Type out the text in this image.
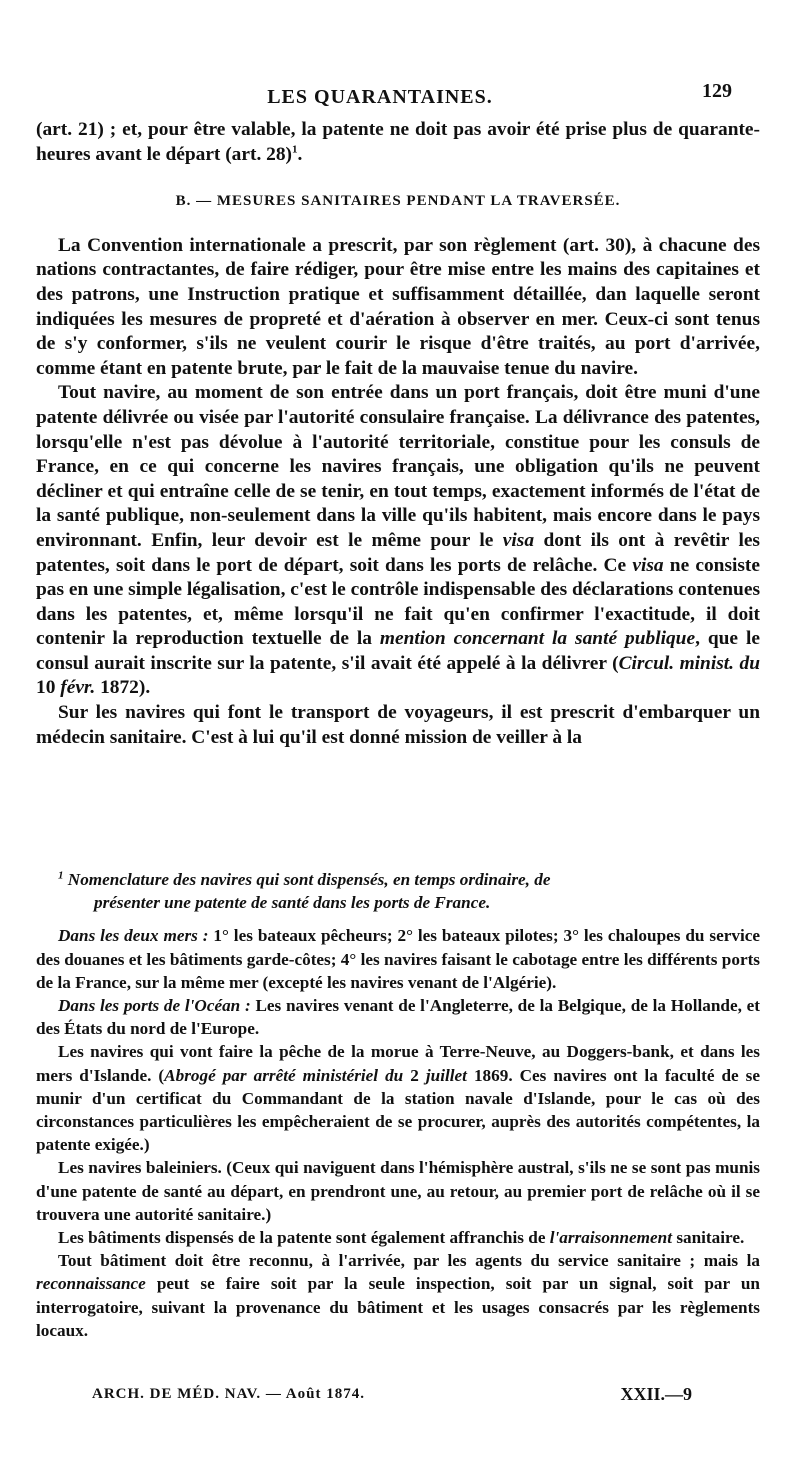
LES QUARANTAINES.	129

(art. 21) ; et, pour être valable, la patente ne doit pas avoir été prise plus de quarante-heures avant le départ (art. 28)$^1$.

B. — MESURES SANITAIRES PENDANT LA TRAVERSÉE.

La Convention internationale a prescrit, par son règlement (art. 30), à chacune des nations contractantes, de faire rédiger, pour être mise entre les mains des capitaines et des patrons, une Instruction pratique et suffisamment détaillée, dan laquelle seront indiquées les mesures de propreté et d'aération à observer en mer. Ceux-ci sont tenus de s'y conformer, s'ils ne veulent courir le risque d'être traités, au port d'arrivée, comme étant en patente brute, par le fait de la mauvaise tenue du navire.

Tout navire, au moment de son entrée dans un port français, doit être muni d'une patente délivrée ou visée par l'autorité consulaire française. La délivrance des patentes, lorsqu'elle n'est pas dévolue à l'autorité territoriale, constitue pour les consuls de France, en ce qui concerne les navires français, une obligation qu'ils ne peuvent décliner et qui entraîne celle de se tenir, en tout temps, exactement informés de l'état de la santé publique, non-seulement dans la ville qu'ils habitent, mais encore dans le pays environnant. Enfin, leur devoir est le même pour le visa dont ils ont à revêtir les patentes, soit dans le port de départ, soit dans les ports de relâche. Ce visa ne consiste pas en une simple légalisation, c'est le contrôle indispensable des déclarations contenues dans les patentes, et, même lorsqu'il ne fait qu'en confirmer l'exactitude, il doit contenir la reproduction textuelle de la mention concernant la santé publique, que le consul aurait inscrite sur la patente, s'il avait été appelé à la délivrer (Circul. minist. du 10 févr. 1872).

Sur les navires qui font le transport de voyageurs, il est prescrit d'embarquer un médecin sanitaire. C'est à lui qu'il est donné mission de veiller à la

$^1$ Nomenclature des navires qui sont dispensés, en temps ordinaire, de
présenter une patente de santé dans les ports de France.

Dans les deux mers : 1° les bateaux pêcheurs; 2° les bateaux pilotes; 3° les chaloupes du service des douanes et les bâtiments garde-côtes; 4° les navires faisant le cabotage entre les différents ports de la France, sur la même mer (excepté les navires venant de l'Algérie).

Dans les ports de l'Océan : Les navires venant de l'Angleterre, de la Belgique, de la Hollande, et des États du nord de l'Europe.

Les navires qui vont faire la pêche de la morue à Terre-Neuve, au Doggers-bank, et dans les mers d'Islande. (Abrogé par arrêté ministériel du 2 juillet 1869. Ces navires ont la faculté de se munir d'un certificat du Commandant de la station navale d'Islande, pour le cas où des circonstances particulières les empêcheraient de se procurer, auprès des autorités compétentes, la patente exigée.)

Les navires baleiniers. (Ceux qui naviguent dans l'hémisphère austral, s'ils ne se sont pas munis d'une patente de santé au départ, en prendront une, au retour, au premier port de relâche où il se trouvera une autorité sanitaire.)

Les bâtiments dispensés de la patente sont également affranchis de l'arraisonnement sanitaire.

Tout bâtiment doit être reconnu, à l'arrivée, par les agents du service sanitaire ; mais la reconnaissance peut se faire soit par la seule inspection, soit par un signal, soit par un interrogatoire, suivant la provenance du bâtiment et les usages consacrés par les règlements locaux.

ARCH. DE MÉD. NAV. — Août 1874.	XXII.—9
